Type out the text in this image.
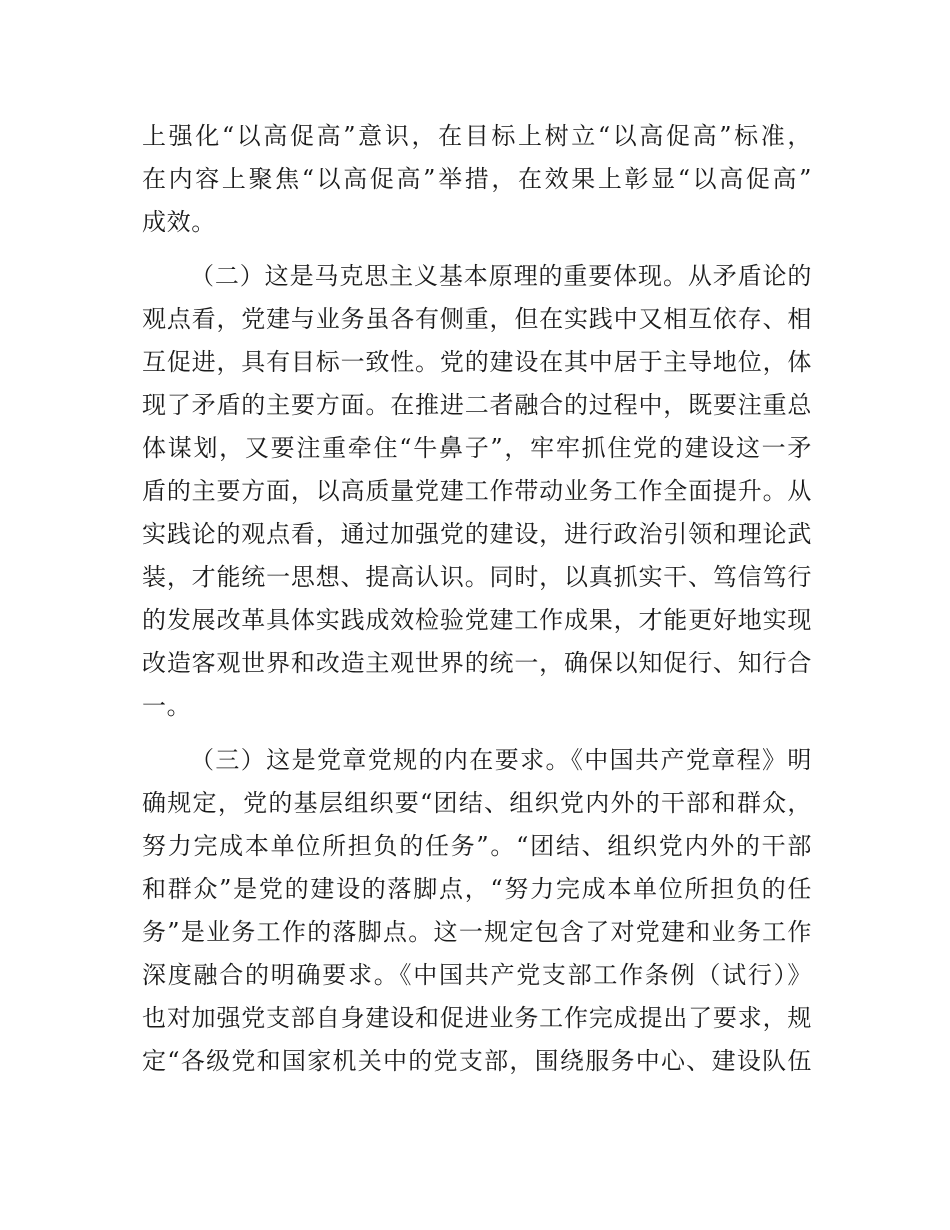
上强化“以高促高”意识，在目标上树立“以高促高”标准，
在内容上聚焦“以高促高”举措，在效果上彰显“以高促高”
成效。
（二）这是马克思主义基本原理的重要体现。从矛盾论的
观点看，党建与业务虽各有侧重，但在实践中又相互依存、相
互促进，具有目标一致性。党的建设在其中居于主导地位，体
现了矛盾的主要方面。在推进二者融合的过程中，既要注重总
体谋划，又要注重牵住“牛鼻子”，牢牢抓住党的建设这一矛
盾的主要方面，以高质量党建工作带动业务工作全面提升。从
实践论的观点看，通过加强党的建设，进行政治引领和理论武
装，才能统一思想、提高认识。同时，以真抓实干、笃信笃行
的发展改革具体实践成效检验党建工作成果，才能更好地实现
改造客观世界和改造主观世界的统一，确保以知促行、知行合
一。
（三）这是党章党规的内在要求。《中国共产党章程》明
确规定，党的基层组织要“团结、组织党内外的干部和群众，
努力完成本单位所担负的任务”。“团结、组织党内外的干部
和群众”是党的建设的落脚点，“努力完成本单位所担负的任
务”是业务工作的落脚点。这一规定包含了对党建和业务工作
深度融合的明确要求。《中国共产党支部工作条例（试行）》
也对加强党支部自身建设和促进业务工作完成提出了要求，规
定“各级党和国家机关中的党支部，围绕服务中心、建设队伍
